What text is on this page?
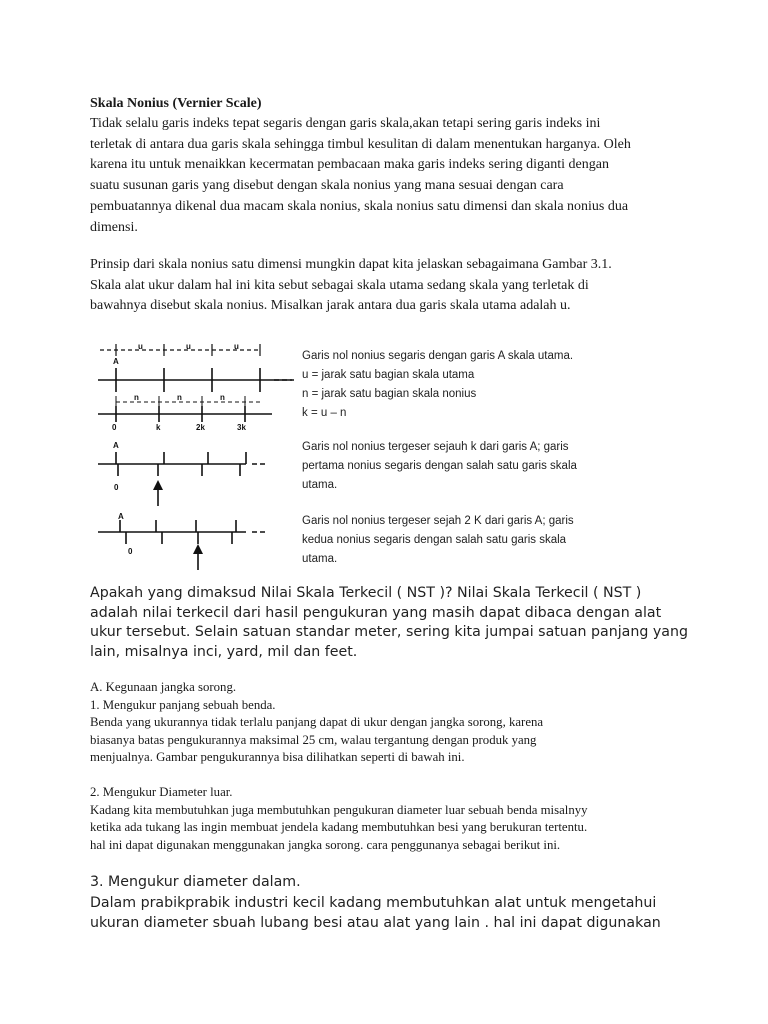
Skala Nonius (Vernier Scale)
Tidak selalu garis indeks tepat segaris dengan garis skala,akan tetapi sering garis indeks ini
terletak di antara dua garis skala sehingga timbul kesulitan di dalam menentukan harganya. Oleh
karena itu untuk menaikkan kecermatan pembacaan maka garis indeks sering diganti dengan
suatu susunan garis yang disebut dengan skala nonius yang mana sesuai dengan cara
pembuatannya dikenal dua macam skala nonius, skala nonius satu dimensi dan skala nonius dua
dimensi.
Prinsip dari skala nonius satu dimensi mungkin dapat kita jelaskan sebagaimana Gambar 3.1.
Skala alat ukur dalam hal ini kita sebut sebagai skala utama sedang skala yang terletak di
bawahnya disebut skala nonius. Misalkan jarak antara dua garis skala utama adalah u.
u	u	u
A
n	n	n
0	k	2k	3k
A
0
A
0
Garis nol nonius segaris dengan garis A skala utama.
u = jarak satu bagian skala utama
n = jarak satu bagian skala nonius
k = u – n
Garis nol nonius tergeser sejauh k dari garis A; garis
pertama nonius segaris dengan salah satu garis skala
utama.
Garis nol nonius tergeser sejah 2 K dari garis A; garis
kedua nonius segaris dengan salah satu garis skala
utama.
Apakah yang dimaksud Nilai Skala Terkecil ( NST )? Nilai Skala Terkecil ( NST )
adalah nilai terkecil dari hasil pengukuran yang masih dapat dibaca dengan alat
ukur tersebut. Selain satuan standar meter, sering kita jumpai satuan panjang yang
lain, misalnya inci, yard, mil dan feet.
A. Kegunaan jangka sorong.
1. Mengukur panjang sebuah benda.
Benda yang ukurannya tidak terlalu panjang dapat di ukur dengan jangka sorong, karena
biasanya batas pengukurannya maksimal 25 cm, walau tergantung dengan produk yang
menjualnya. Gambar pengukurannya bisa dilihatkan seperti di bawah ini.
2. Mengukur Diameter luar.
Kadang kita membutuhkan juga membutuhkan pengukuran diameter luar sebuah benda misalnyy
ketika ada tukang las ingin membuat jendela kadang membutuhkan besi yang berukuran tertentu.
hal ini dapat digunakan menggunakan jangka sorong. cara penggunanya sebagai berikut ini.
3. Mengukur diameter dalam.
Dalam prabikprabik industri kecil kadang membutuhkan alat untuk mengetahui
ukuran diameter sbuah lubang besi atau alat yang lain . hal ini dapat digunakan
